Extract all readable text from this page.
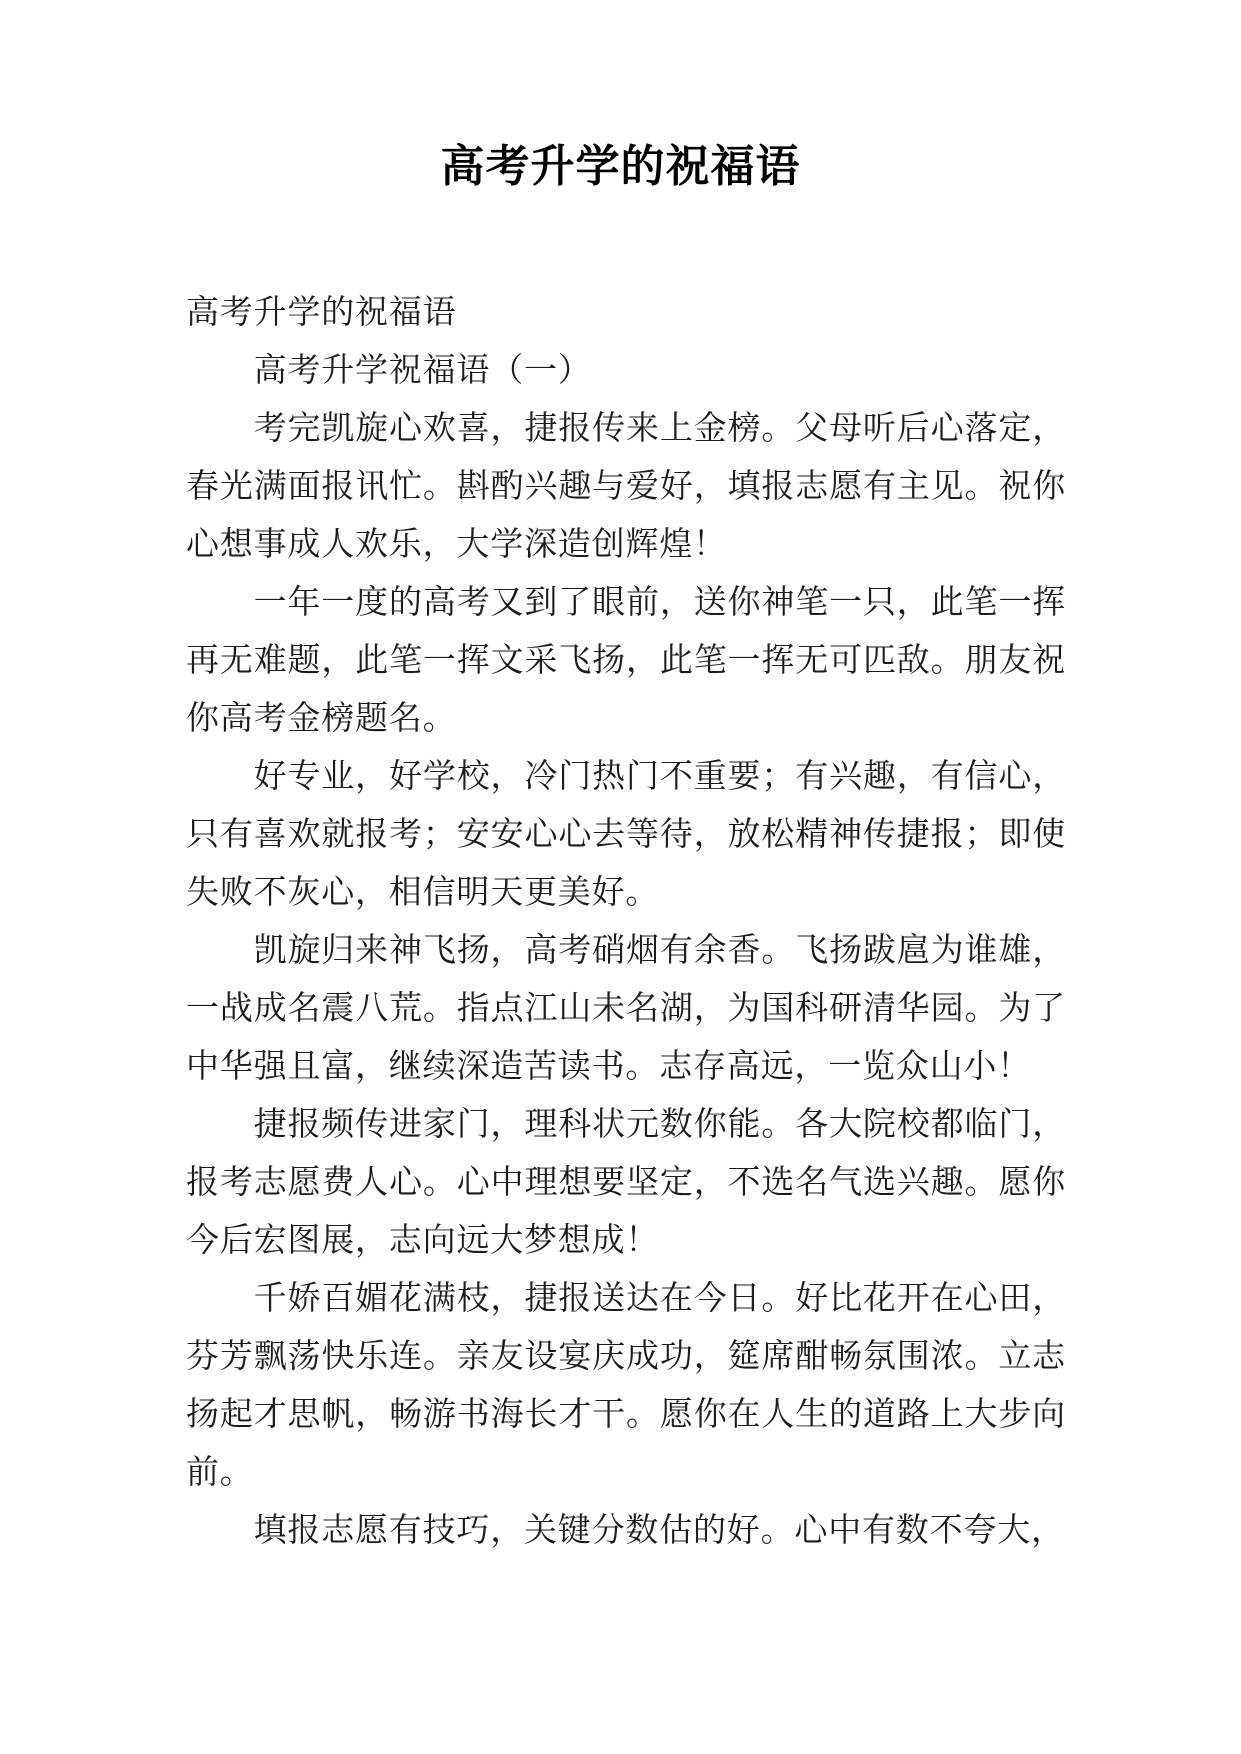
高考升学的祝福语

高考升学的祝福语

高考升学祝福语（一）

考完凯旋心欢喜，捷报传来上金榜。父母听后心落定，春光满面报讯忙。斟酌兴趣与爱好，填报志愿有主见。祝你心想事成人欢乐，大学深造创辉煌！

一年一度的高考又到了眼前，送你神笔一只，此笔一挥再无难题，此笔一挥文采飞扬，此笔一挥无可匹敌。朋友祝你高考金榜题名。

好专业，好学校，冷门热门不重要；有兴趣，有信心，只有喜欢就报考；安安心心去等待，放松精神传捷报；即使失败不灰心，相信明天更美好。

凯旋归来神飞扬，高考硝烟有余香。飞扬跋扈为谁雄，一战成名震八荒。指点江山未名湖，为国科研清华园。为了中华强且富，继续深造苦读书。志存高远，一览众山小！

捷报频传进家门，理科状元数你能。各大院校都临门，报考志愿费人心。心中理想要坚定，不选名气选兴趣。愿你今后宏图展，志向远大梦想成！

千娇百媚花满枝，捷报送达在今日。好比花开在心田，芬芳飘荡快乐连。亲友设宴庆成功，筵席酣畅氛围浓。立志扬起才思帆，畅游书海长才干。愿你在人生的道路上大步向前。

填报志愿有技巧，关键分数估的好。心中有数不夸大，
